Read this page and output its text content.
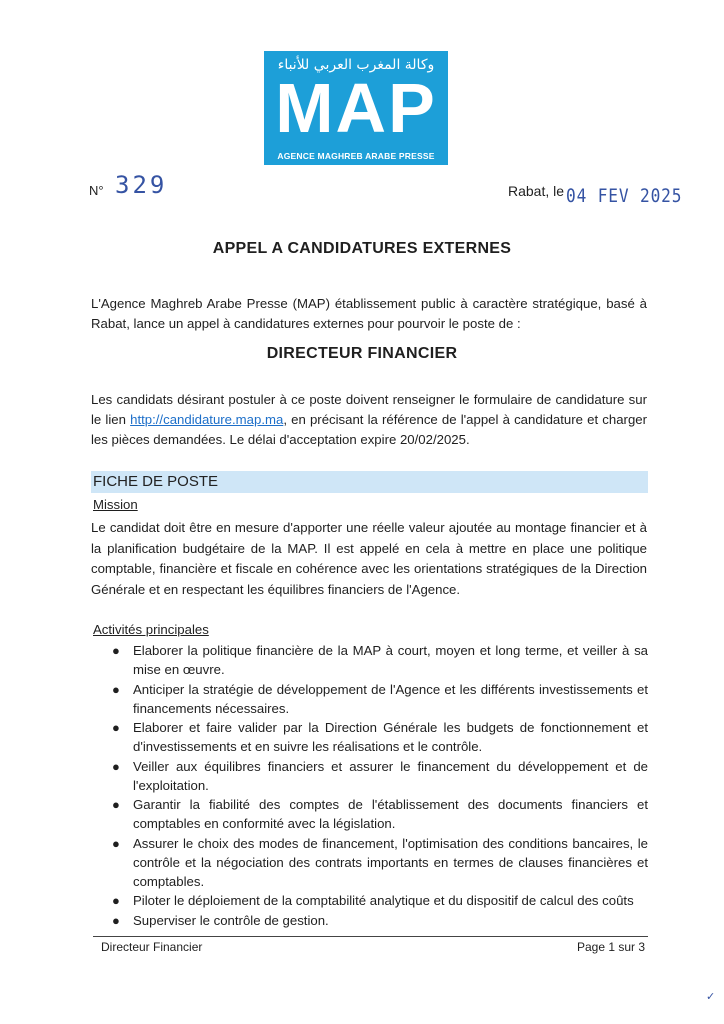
وكالة المغرب العربي للأنباء
MAP
AGENCE MAGHREB ARABE PRESSE
N° 329	Rabat, le 04 FEV 2025
APPEL A CANDIDATURES EXTERNES
L'Agence Maghreb Arabe Presse (MAP) établissement public à caractère stratégique, basé à Rabat, lance un appel à candidatures externes pour pourvoir le poste de :
DIRECTEUR FINANCIER
Les candidats désirant postuler à ce poste doivent renseigner le formulaire de candidature sur le lien http://candidature.map.ma, en précisant la référence de l'appel à candidature et charger les pièces demandées. Le délai d'acceptation expire 20/02/2025.
FICHE DE POSTE
Mission
Le candidat doit être en mesure d'apporter une réelle valeur ajoutée au montage financier et à la planification budgétaire de la MAP. Il est appelé en cela à mettre en place une politique comptable, financière et fiscale en cohérence avec les orientations stratégiques de la Direction Générale et en respectant les équilibres financiers de l'Agence.
Activités principales
● Elaborer la politique financière de la MAP à court, moyen et long terme, et veiller à sa mise en œuvre.
● Anticiper la stratégie de développement de l'Agence et les différents investissements et financements nécessaires.
● Elaborer et faire valider par la Direction Générale les budgets de fonctionnement et d'investissements et en suivre les réalisations et le contrôle.
● Veiller aux équilibres financiers et assurer le financement du développement et de l'exploitation.
● Garantir la fiabilité des comptes de l'établissement des documents financiers et comptables en conformité avec la législation.
● Assurer le choix des modes de financement, l'optimisation des conditions bancaires, le contrôle et la négociation des contrats importants en termes de clauses financières et comptables.
● Piloter le déploiement de la comptabilité analytique et du dispositif de calcul des coûts
● Superviser le contrôle de gestion.
Directeur Financier	Page 1 sur 3
✓
